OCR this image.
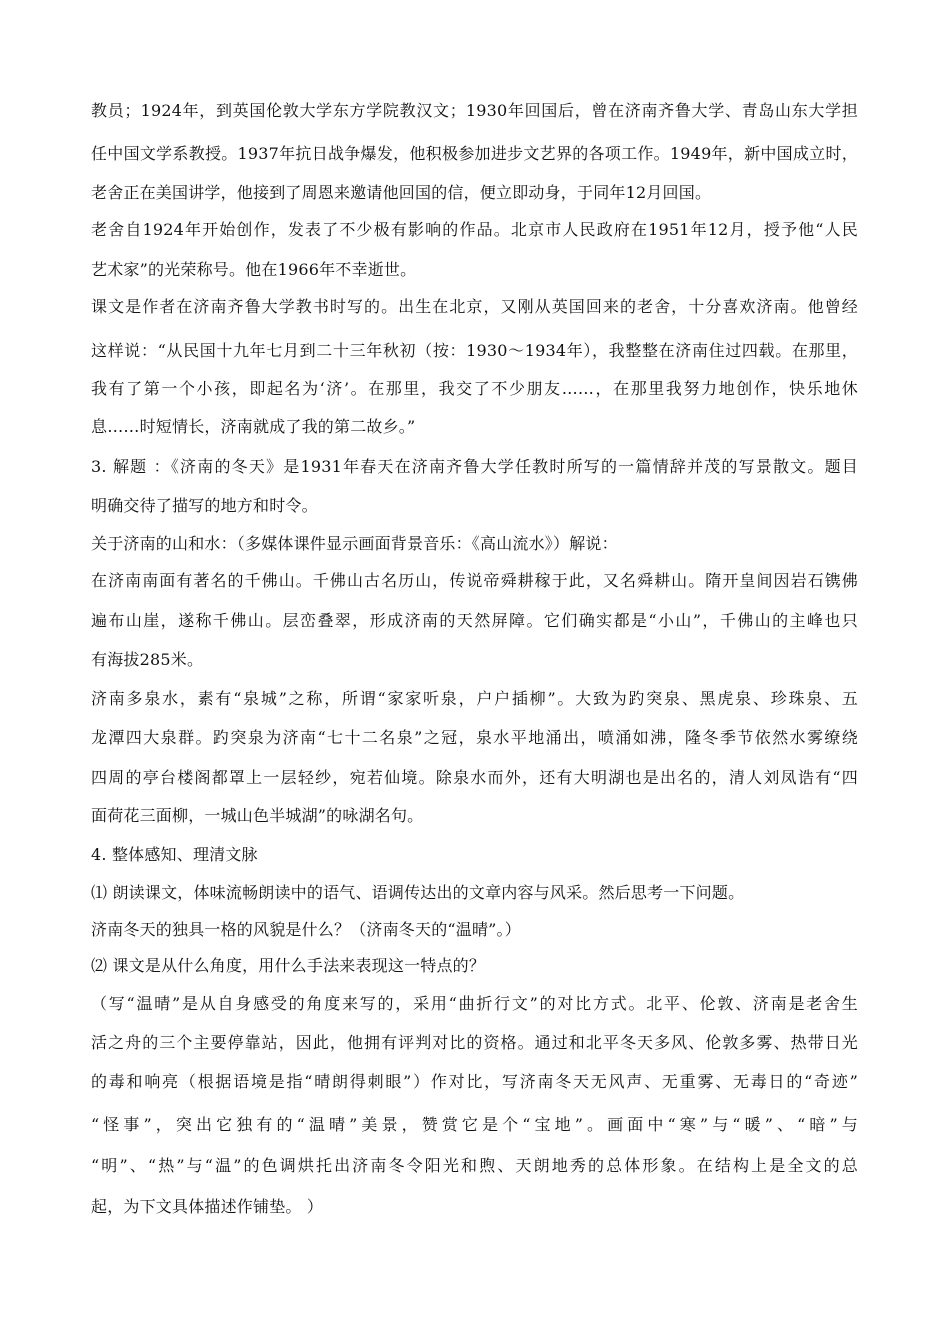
教员；1924年，到英国伦敦大学东方学院教汉文；1930年回国后，曾在济南齐鲁大学、青岛山东大学担
任中国文学系教授。1937年抗日战争爆发，他积极参加进步文艺界的各项工作。1949年，新中国成立时，
老舍正在美国讲学，他接到了周恩来邀请他回国的信，便立即动身，于同年12月回国。
老舍自1924年开始创作，发表了不少极有影响的作品。北京市人民政府在1951年12月，授予他“人民
艺术家”的光荣称号。他在1966年不幸逝世。
课文是作者在济南齐鲁大学教书时写的。出生在北京，又刚从英国回来的老舍，十分喜欢济南。他曾经
这样说：“从民国十九年七月到二十三年秋初（按：1930～1934年），我整整在济南住过四载。在那里，
我有了第一个小孩，即起名为‘济’。在那里，我交了不少朋友……，在那里我努力地创作，快乐地休
息……时短情长，济南就成了我的第二故乡。”
3. 解题 ：《济南的冬天》是1931年春天在济南齐鲁大学任教时所写的一篇情辞并茂的写景散文。题目
明确交待了描写的地方和时令。
关于济南的山和水：（多媒体课件显示画面背景音乐：《高山流水》）解说：
在济南南面有著名的千佛山。千佛山古名历山，传说帝舜耕稼于此，又名舜耕山。隋开皇间因岩石镌佛
遍布山崖，遂称千佛山。层峦叠翠，形成济南的天然屏障。它们确实都是“小山”，千佛山的主峰也只
有海拔285米。
济南多泉水，素有“泉城”之称，所谓“家家听泉，户户插柳”。大致为趵突泉、黑虎泉、珍珠泉、五
龙潭四大泉群。趵突泉为济南“七十二名泉”之冠，泉水平地涌出，喷涌如沸，隆冬季节依然水雾缭绕
四周的亭台楼阁都罩上一层轻纱，宛若仙境。除泉水而外，还有大明湖也是出名的，清人刘凤诰有“四
面荷花三面柳，一城山色半城湖”的咏湖名句。
4. 整体感知、理清文脉
⑴ 朗读课文，体味流畅朗读中的语气、语调传达出的文章内容与风采。然后思考一下问题。
济南冬天的独具一格的风貌是什么？（济南冬天的“温晴”。）
⑵ 课文是从什么角度，用什么手法来表现这一特点的？
（写“温晴”是从自身感受的角度来写的，采用“曲折行文”的对比方式。北平、伦敦、济南是老舍生
活之舟的三个主要停靠站，因此，他拥有评判对比的资格。通过和北平冬天多风、伦敦多雾、热带日光
的毒和响亮（根据语境是指“晴朗得刺眼”）作对比，写济南冬天无风声、无重雾、无毒日的“奇迹”
“怪事”，突出它独有的“温晴”美景，赞赏它是个“宝地”。画面中“寒”与“暖”、“暗”与
“明”、“热”与“温”的色调烘托出济南冬令阳光和煦、天朗地秀的总体形象。在结构上是全文的总
起，为下文具体描述作铺垫。 ）
